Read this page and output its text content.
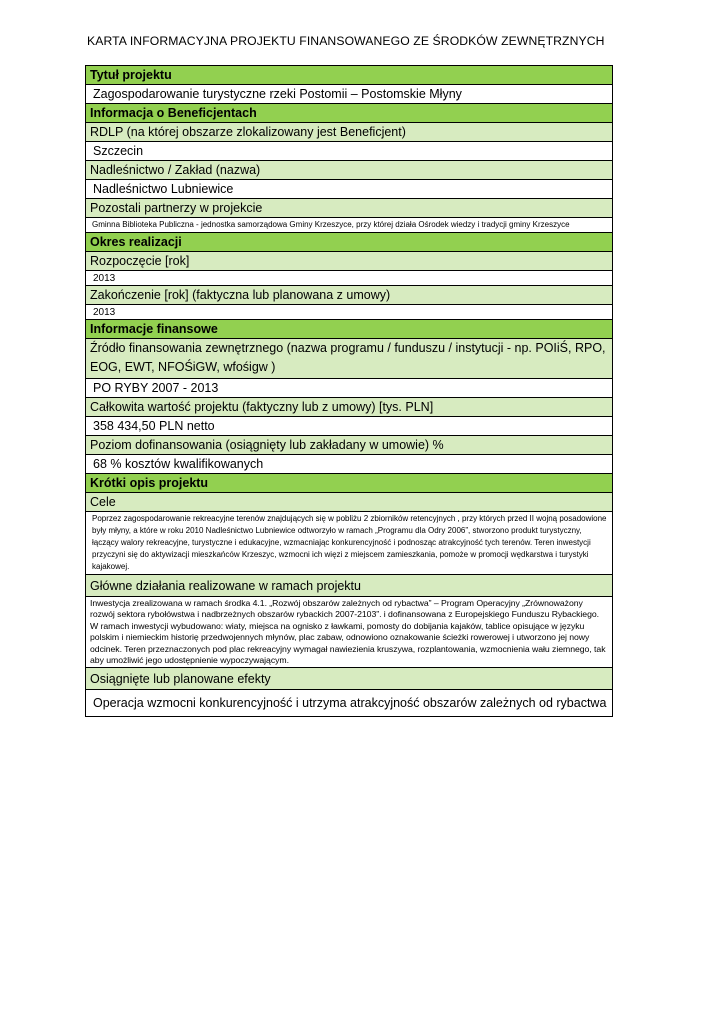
KARTA INFORMACYJNA PROJEKTU FINANSOWANEGO ZE ŚRODKÓW ZEWNĘTRZNYCH
Tytuł projektu
Zagospodarowanie turystyczne rzeki Postomii – Postomskie Młyny
Informacja o Beneficjentach
RDLP (na której obszarze zlokalizowany jest Beneficjent)
Szczecin
Nadleśnictwo / Zakład (nazwa)
Nadleśnictwo Lubniewice
Pozostali partnerzy w projekcie
Gminna Biblioteka Publiczna - jednostka samorządowa Gminy Krzeszyce, przy której działa Ośrodek wiedzy i tradycji gminy Krzeszyce
Okres realizacji
Rozpoczęcie [rok]
2013
Zakończenie [rok] (faktyczna lub planowana z umowy)
2013
Informacje finansowe
Źródło finansowania zewnętrznego (nazwa programu / funduszu / instytucji - np. POIiŚ, RPO, EOG, EWT, NFOŚiGW, wfośigw )
PO RYBY 2007 - 2013
Całkowita wartość projektu (faktyczny lub z umowy) [tys. PLN]
358 434,50 PLN netto
Poziom dofinansowania (osiągnięty lub zakładany w umowie) %
68 % kosztów kwalifikowanych
Krótki opis projektu
Cele
Poprzez zagospodarowanie rekreacyjne terenów znajdujących się w pobliżu 2 zbiorników retencyjnych , przy których przed II wojną posadowione były młyny, a które w roku 2010 Nadleśnictwo Lubniewice odtworzyło w ramach „Programu dla Odry 2006”, stworzono produkt turystyczny, łączący walory rekreacyjne, turystyczne i edukacyjne, wzmacniając konkurencyjność i podnosząc atrakcyjność tych terenów. Teren inwestycji przyczyni się do aktywizacji mieszkańców Krzeszyc, wzmocni ich więzi z miejscem zamieszkania, pomoże w promocji wędkarstwa i turystyki kajakowej.
Główne działania realizowane w ramach projektu
Inwestycja zrealizowana w ramach środka 4.1. „Rozwój obszarów zależnych od rybactwa” – Program Operacyjny „Zrównoważony rozwój sektora rybołówstwa i nadbrzeżnych obszarów rybackich 2007-2103”. i dofinansowana z Europejskiego Funduszu Rybackiego. W ramach inwestycji wybudowano: wiaty, miejsca na ognisko z ławkami, pomosty do dobijania kajaków, tablice opisujące w języku polskim i niemieckim historię przedwojennych młynów, plac zabaw, odnowiono oznakowanie ścieżki rowerowej i utworzono jej nowy odcinek. Teren przeznaczonych pod plac rekreacyjny wymagał nawiezienia kruszywa, rozplantowania, wzmocnienia wału ziemnego, tak aby umożliwić jego udostępnienie wypoczywającym.
Osiągnięte lub planowane efekty
Operacja wzmocni konkurencyjność i utrzyma atrakcyjność obszarów zależnych od rybactwa
